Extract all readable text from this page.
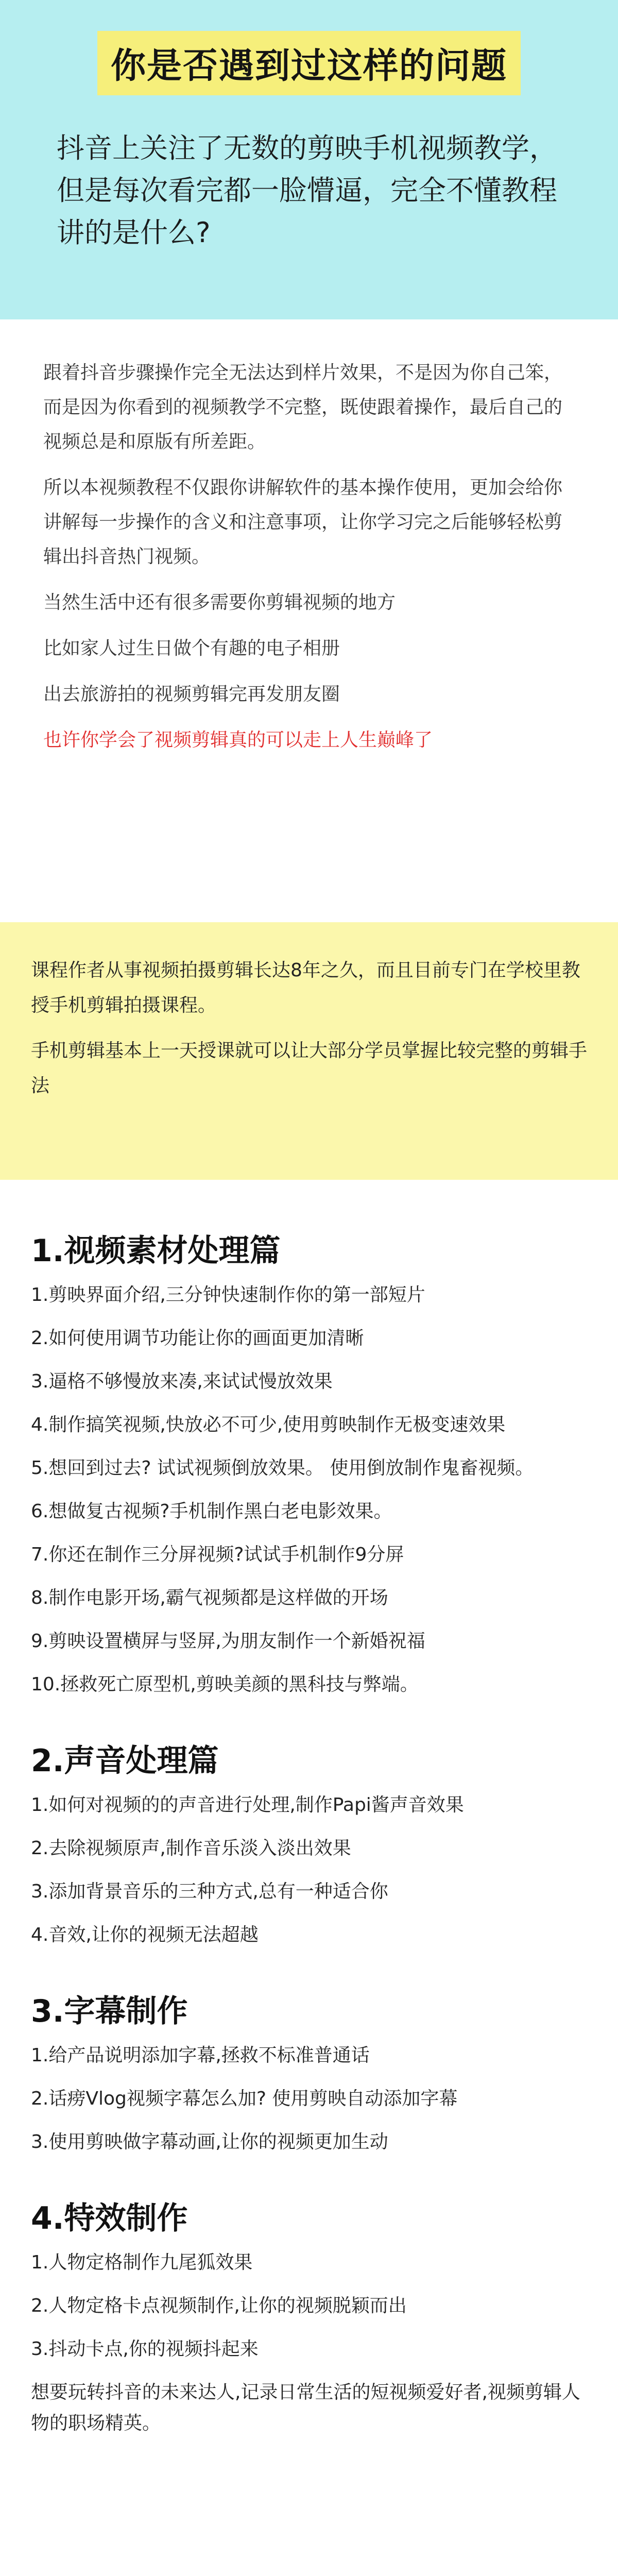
你是否遇到过这样的问题
抖音上关注了无数的剪映手机视频教学，但是每次看完都一脸懵逼，完全不懂教程讲的是什么?

跟着抖音步骤操作完全无法达到样片效果，不是因为你自己笨，而是因为你看到的视频教学不完整，既使跟着操作，最后自己的视频总是和原版有所差距。

所以本视频教程不仅跟你讲解软件的基本操作使用，更加会给你讲解每一步操作的含义和注意事项，让你学习完之后能够轻松剪辑出抖音热门视频。

当然生活中还有很多需要你剪辑视频的地方

比如家人过生日做个有趣的电子相册

出去旅游拍的视频剪辑完再发朋友圈

也许你学会了视频剪辑真的可以走上人生巅峰了

课程作者从事视频拍摄剪辑长达8年之久，而且目前专门在学校里教授手机剪辑拍摄课程。

手机剪辑基本上一天授课就可以让大部分学员掌握比较完整的剪辑手法

1.视频素材处理篇

1.剪映界面介绍,三分钟快速制作你的第一部短片

2.如何使用调节功能让你的画面更加清晰

3.逼格不够慢放来凑,来试试慢放效果

4.制作搞笑视频,快放必不可少,使用剪映制作无极变速效果

5.想回到过去? 试试视频倒放效果。 使用倒放制作鬼畜视频。

6.想做复古视频?手机制作黑白老电影效果。

7.你还在制作三分屏视频?试试手机制作9分屏

8.制作电影开场,霸气视频都是这样做的开场

9.剪映设置横屏与竖屏,为朋友制作一个新婚祝福

10.拯救死亡原型机,剪映美颜的黑科技与弊端。

2.声音处理篇

1.如何对视频的的声音进行处理,制作Papi酱声音效果

2.去除视频原声,制作音乐淡入淡出效果

3.添加背景音乐的三种方式,总有一种适合你

4.音效,让你的视频无法超越

3.字幕制作

1.给产品说明添加字幕,拯救不标准普通话

2.话痨Vlog视频字幕怎么加? 使用剪映自动添加字幕

3.使用剪映做字幕动画,让你的视频更加生动

4.特效制作

1.人物定格制作九尾狐效果

2.人物定格卡点视频制作,让你的视频脱颖而出

3.抖动卡点,你的视频抖起来

想要玩转抖音的未来达人,记录日常生活的短视频爱好者,视频剪辑人物的职场精英。
